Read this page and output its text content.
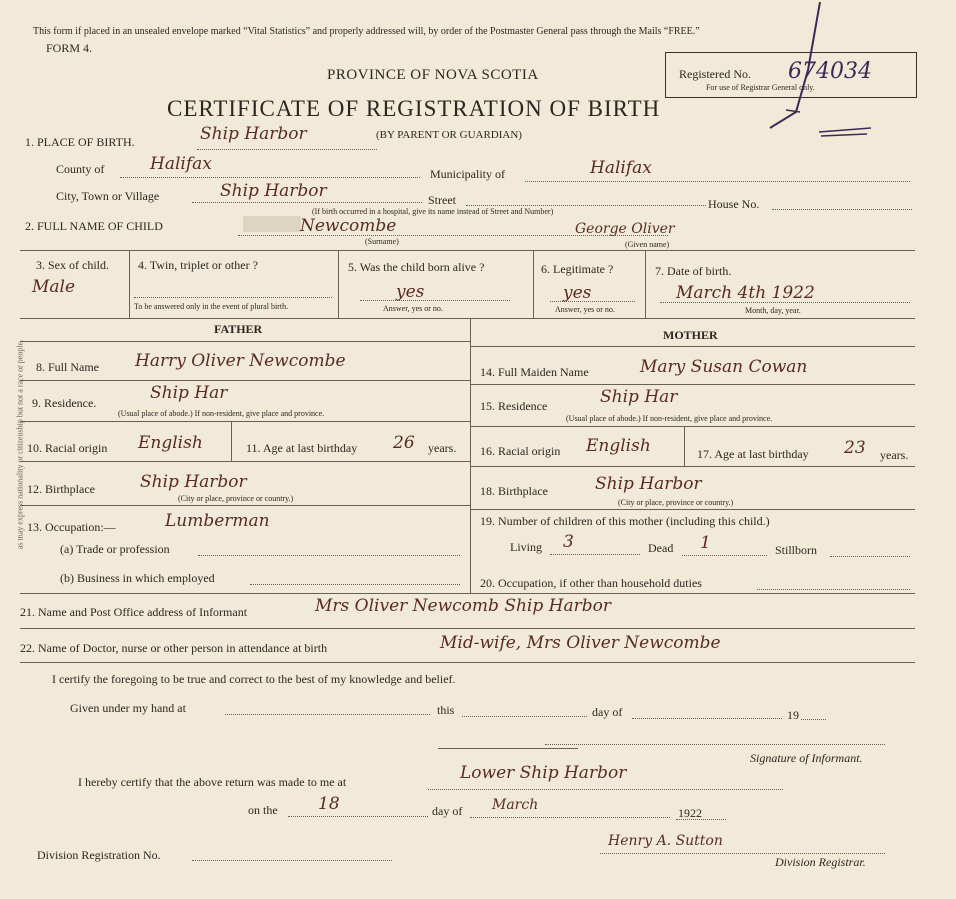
as may express nationality or citizenship but not a race or people.
This form if placed in an unsealed envelope marked “Vital Statistics” and properly addressed will, by order of the Postmaster General pass through the Mails “FREE.”
FORM 4.
PROVINCE OF NOVA SCOTIA
CERTIFICATE OF REGISTRATION OF BIRTH
Registered No. 674034
For use of Registrar General only.
1. PLACE OF BIRTH.	Ship Harbor	(BY PARENT OR GUARDIAN)
County of	Halifax	Municipality of	Halifax
City, Town or Village	Ship Harbor	Street	House No.
(If birth occurred in a hospital, give its name instead of Street and Number)
2. FULL NAME OF CHILD	Newcombe	George Oliver
(Surname)	(Given name)
3. Sex of child.
Male
4. Twin, triplet or other ?
To be answered only in the event of plural birth.
5. Was the child born alive ?
yes
Answer, yes or no.
6. Legitimate ?
yes
Answer, yes or no.
7. Date of birth.
March 4th 1922
Month, day, year.
FATHER	MOTHER
8. Full Name Harry Oliver Newcombe
9. Residence.	Ship Har
(Usual place of abode.) If non-resident, give place and province.
10. Racial origin English	11. Age at last birthday 26 years.
12. Birthplace	Ship Harbor
(City or place, province or country.)
13. Occupation:—	Lumberman
(a) Trade or profession
(b) Business in which employed
14. Full Maiden Name	Mary Susan Cowan
15. Residence	Ship Har
(Usual place of abode.) If non-resident, give place and province.
16. Racial origin English	17. Age at last birthday 23 years.
18. Birthplace	Ship Harbor
(City or place, province or country.)
19. Number of children of this mother (including this child.)
Living 3	Dead 1	Stillborn
20. Occupation, if other than household duties
21. Name and Post Office address of Informant	Mrs Oliver Newcomb Ship Harbor
22. Name of Doctor, nurse or other person in attendance at birth	Mid-wife, Mrs Oliver Newcombe
I certify the foregoing to be true and correct to the best of my knowledge and belief.
Given under my hand at	this	day of	19
Signature of Informant.
I hereby certify that the above return was made to me at	Lower Ship Harbor
on the 18	day of March	1922
Henry A. Sutton
Division Registrar.
Division Registration No.
